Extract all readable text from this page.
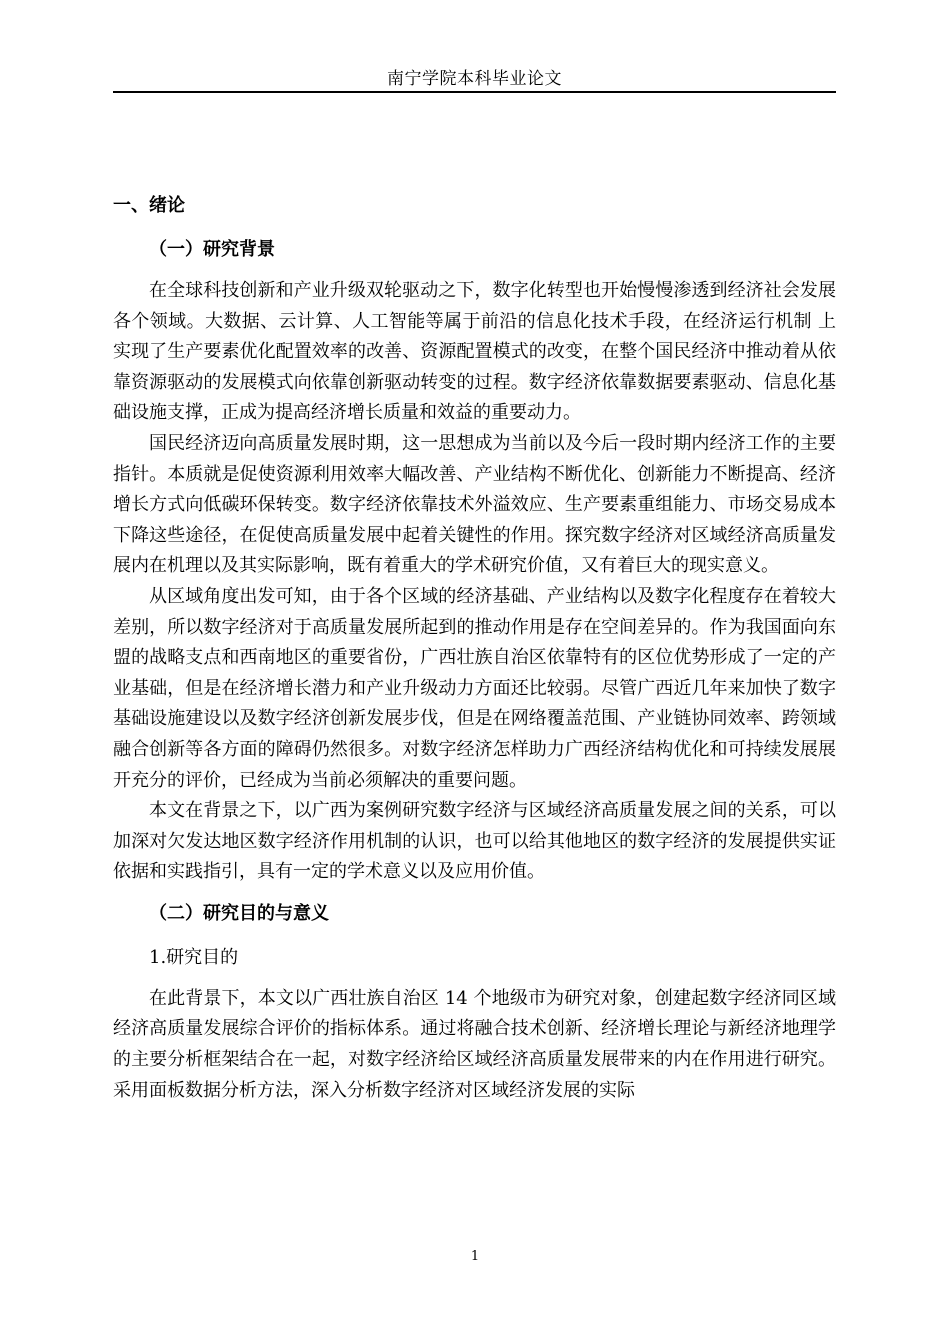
南宁学院本科毕业论文
一、绪论
（一）研究背景

在全球科技创新和产业升级双轮驱动之下，数字化转型也开始慢慢渗透到经济社会发展各个领域。大数据、云计算、人工智能等属于前沿的信息化技术手段，在经济运行机制 上实现了生产要素优化配置效率的改善、资源配置模式的改变，在整个国民经济中推动着从依靠资源驱动的发展模式向依靠创新驱动转变的过程。数字经济依靠数据要素驱动、信息化基础设施支撑，正成为提高经济增长质量和效益的重要动力。

国民经济迈向高质量发展时期，这一思想成为当前以及今后一段时期内经济工作的主要指针。本质就是促使资源利用效率大幅改善、产业结构不断优化、创新能力不断提高、经济增长方式向低碳环保转变。数字经济依靠技术外溢效应、生产要素重组能力、市场交易成本下降这些途径，在促使高质量发展中起着关键性的作用。探究数字经济对区域经济高质量发展内在机理以及其实际影响，既有着重大的学术研究价值，又有着巨大的现实意义。

从区域角度出发可知，由于各个区域的经济基础、产业结构以及数字化程度存在着较大差别，所以数字经济对于高质量发展所起到的推动作用是存在空间差异的。作为我国面向东盟的战略支点和西南地区的重要省份，广西壮族自治区依靠特有的区位优势形成了一定的产业基础，但是在经济增长潜力和产业升级动力方面还比较弱。尽管广西近几年来加快了数字基础设施建设以及数字经济创新发展步伐，但是在网络覆盖范围、产业链协同效率、跨领域融合创新等各方面的障碍仍然很多。对数字经济怎样助力广西经济结构优化和可持续发展展开充分的评价，已经成为当前必须解决的重要问题。

本文在背景之下，以广西为案例研究数字经济与区域经济高质量发展之间的关系，可以加深对欠发达地区数字经济作用机制的认识，也可以给其他地区的数字经济的发展提供实证依据和实践指引，具有一定的学术意义以及应用价值。

（二）研究目的与意义
1.研究目的

在此背景下，本文以广西壮族自治区 14 个地级市为研究对象，创建起数字经济同区域经济高质量发展综合评价的指标体系。通过将融合技术创新、经济增长理论与新经济地理学的主要分析框架结合在一起，对数字经济给区域经济高质量发展带来的内在作用进行研究。采用面板数据分析方法，深入分析数字经济对区域经济发展的实际

1
